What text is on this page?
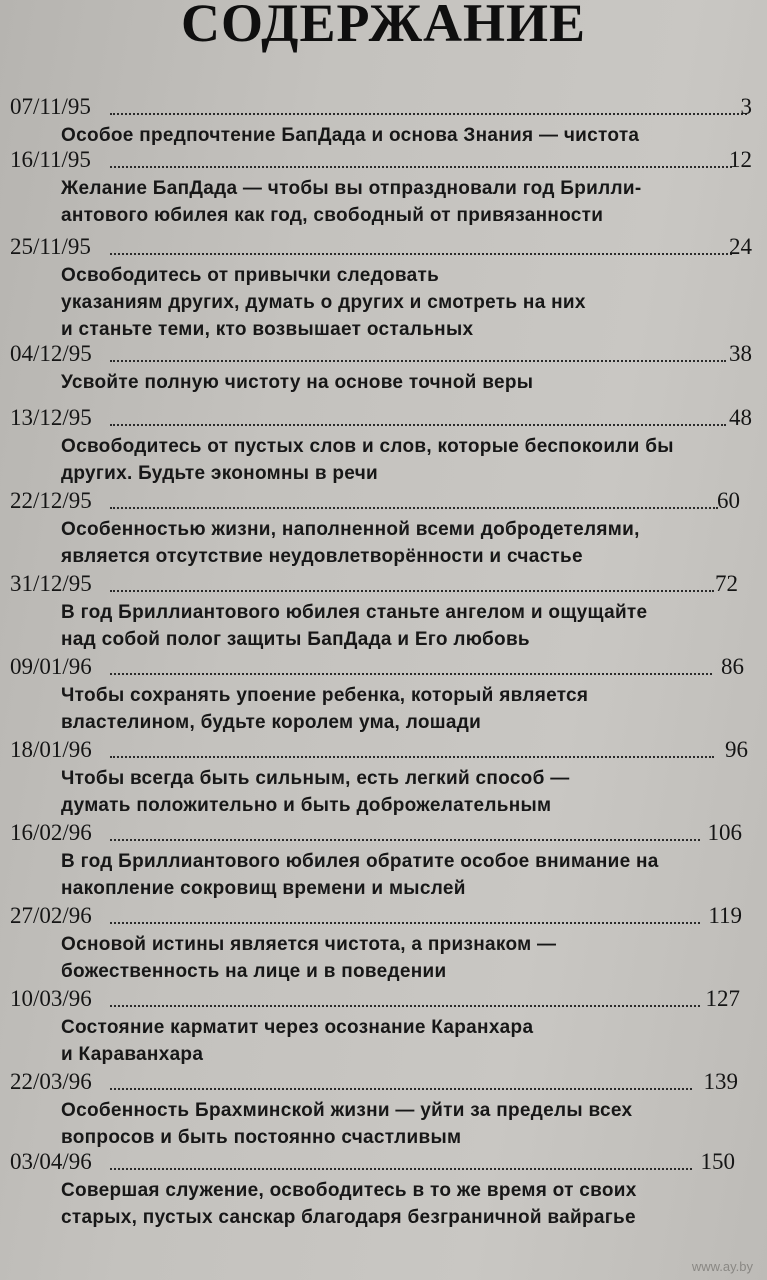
СОДЕРЖАНИЕ
07/11/95	3
Особое предпочтение БапДада и основа Знания — чистота
16/11/95	12
Желание БапДада — чтобы вы отпраздновали год Брилли-
антового юбилея как год, свободный от привязанности
25/11/95	24
Освободитесь от привычки следовать
указаниям других, думать о других и смотреть на них
и станьте теми, кто возвышает остальных
04/12/95	38
Усвойте полную чистоту на основе точной веры
13/12/95	48
Освободитесь от пустых слов и слов, которые беспокоили бы
других. Будьте экономны в речи
22/12/95	60
Особенностью жизни, наполненной всеми добродетелями,
является отсутствие неудовлетворённости и счастье
31/12/95	72
В год Бриллиантового юбилея станьте ангелом и ощущайте
над собой полог защиты БапДада и Его любовь
09/01/96	86
Чтобы сохранять упоение ребенка, который является
властелином, будьте королем ума, лошади
18/01/96	96
Чтобы всегда быть сильным, есть легкий способ —
думать положительно и быть доброжелательным
16/02/96	106
В год Бриллиантового юбилея обратите особое внимание на
накопление сокровищ времени и мыслей
27/02/96	119
Основой истины является чистота, а признаком —
божественность на лице и в поведении
10/03/96	127
Состояние карматит через осознание Каранхара
и Караванхара
22/03/96	139
Особенность Брахминской жизни — уйти за пределы всех
вопросов и быть постоянно счастливым
03/04/96	150
Совершая служение, освободитесь в то же время от своих
старых, пустых санскар благодаря безграничной вайрагье
www.ay.by
